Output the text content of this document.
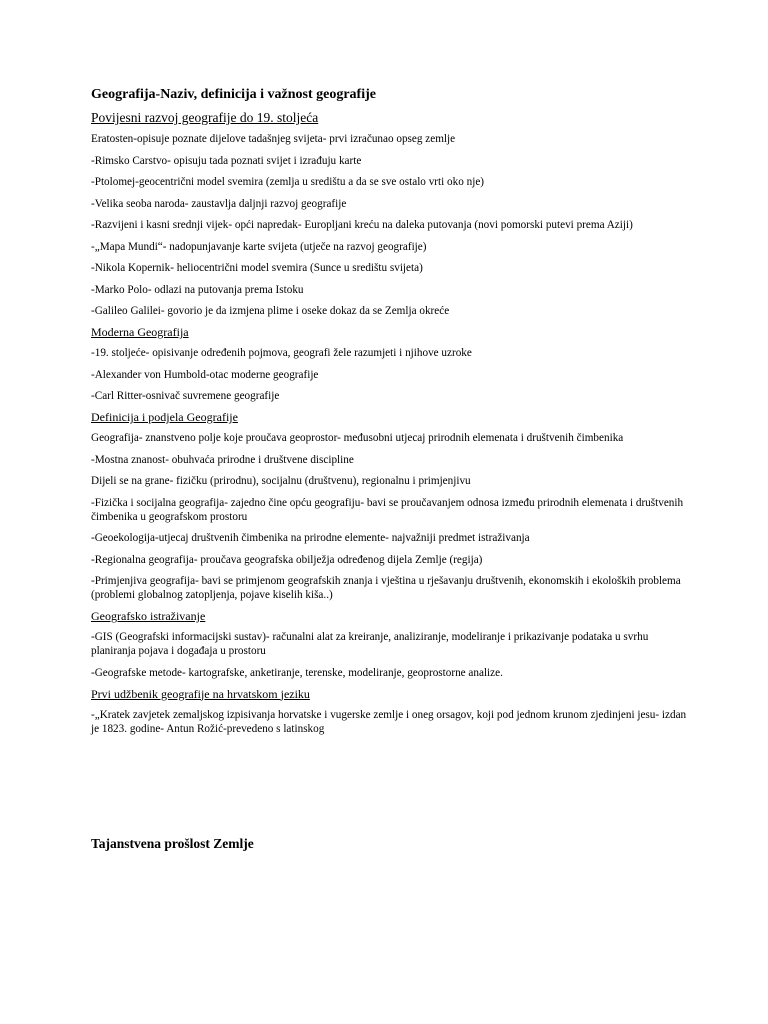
Geografija-Naziv, definicija i važnost geografije
Povijesni razvoj geografije do 19. stoljeća
Eratosten-opisuje poznate dijelove tadašnjeg svijeta- prvi izračunao opseg zemlje
-Rimsko Carstvo- opisuju tada poznati svijet i izrađuju karte
-Ptolomej-geocentrični model svemira (zemlja u središtu a da se sve ostalo vrti oko nje)
-Velika seoba naroda- zaustavlja daljnji razvoj geografije
-Razvijeni i kasni srednji vijek- opći napredak- Europljani kreću na daleka putovanja (novi pomorski putevi prema Aziji)
-„Mapa Mundi“- nadopunjavanje karte svijeta (utječe na razvoj geografije)
-Nikola Kopernik- heliocentrični model svemira (Sunce u središtu svijeta)
-Marko Polo- odlazi na putovanja prema Istoku
-Galileo Galilei- govorio je da izmjena plime i oseke dokaz da se Zemlja okreće
Moderna Geografija
-19. stoljeće- opisivanje određenih pojmova, geografi žele razumjeti i njihove uzroke
-Alexander von Humbold-otac moderne geografije
-Carl Ritter-osnivač suvremene geografije
Definicija i podjela Geografije
Geografija- znanstveno polje koje proučava geoprostor- međusobni utjecaj prirodnih elemenata i društvenih čimbenika
-Mostna znanost- obuhvaća prirodne i društvene discipline
Dijeli se na grane- fizičku (prirodnu), socijalnu (društvenu), regionalnu i primjenjivu
-Fizička i socijalna geografija- zajedno čine opću geografiju- bavi se proučavanjem odnosa između prirodnih elemenata i društvenih čimbenika u geografskom prostoru
-Geoekologija-utjecaj društvenih čimbenika na prirodne elemente- najvažniji predmet istraživanja
-Regionalna geografija- proučava geografska obilježja određenog dijela Zemlje (regija)
-Primjenjiva geografija- bavi se primjenom geografskih znanja i vještina u rješavanju društvenih, ekonomskih i ekoloških problema (problemi globalnog zatopljenja, pojave kiselih kiša..)
Geografsko istraživanje
-GIS (Geografski informacijski sustav)- računalni alat za kreiranje, analiziranje, modeliranje i prikazivanje podataka u svrhu planiranja pojava i događaja u prostoru
-Geografske metode- kartografske, anketiranje, terenske, modeliranje, geoprostorne analize.
Prvi udžbenik geografije na hrvatskom jeziku
-„Kratek zavjetek zemaljskog izpisivanja horvatske i vugerske zemlje i oneg orsagov, koji pod jednom krunom zjedinjeni jesu- izdan je 1823. godine- Antun Rožić-prevedeno s latinskog
Tajanstvena prošlost Zemlje
